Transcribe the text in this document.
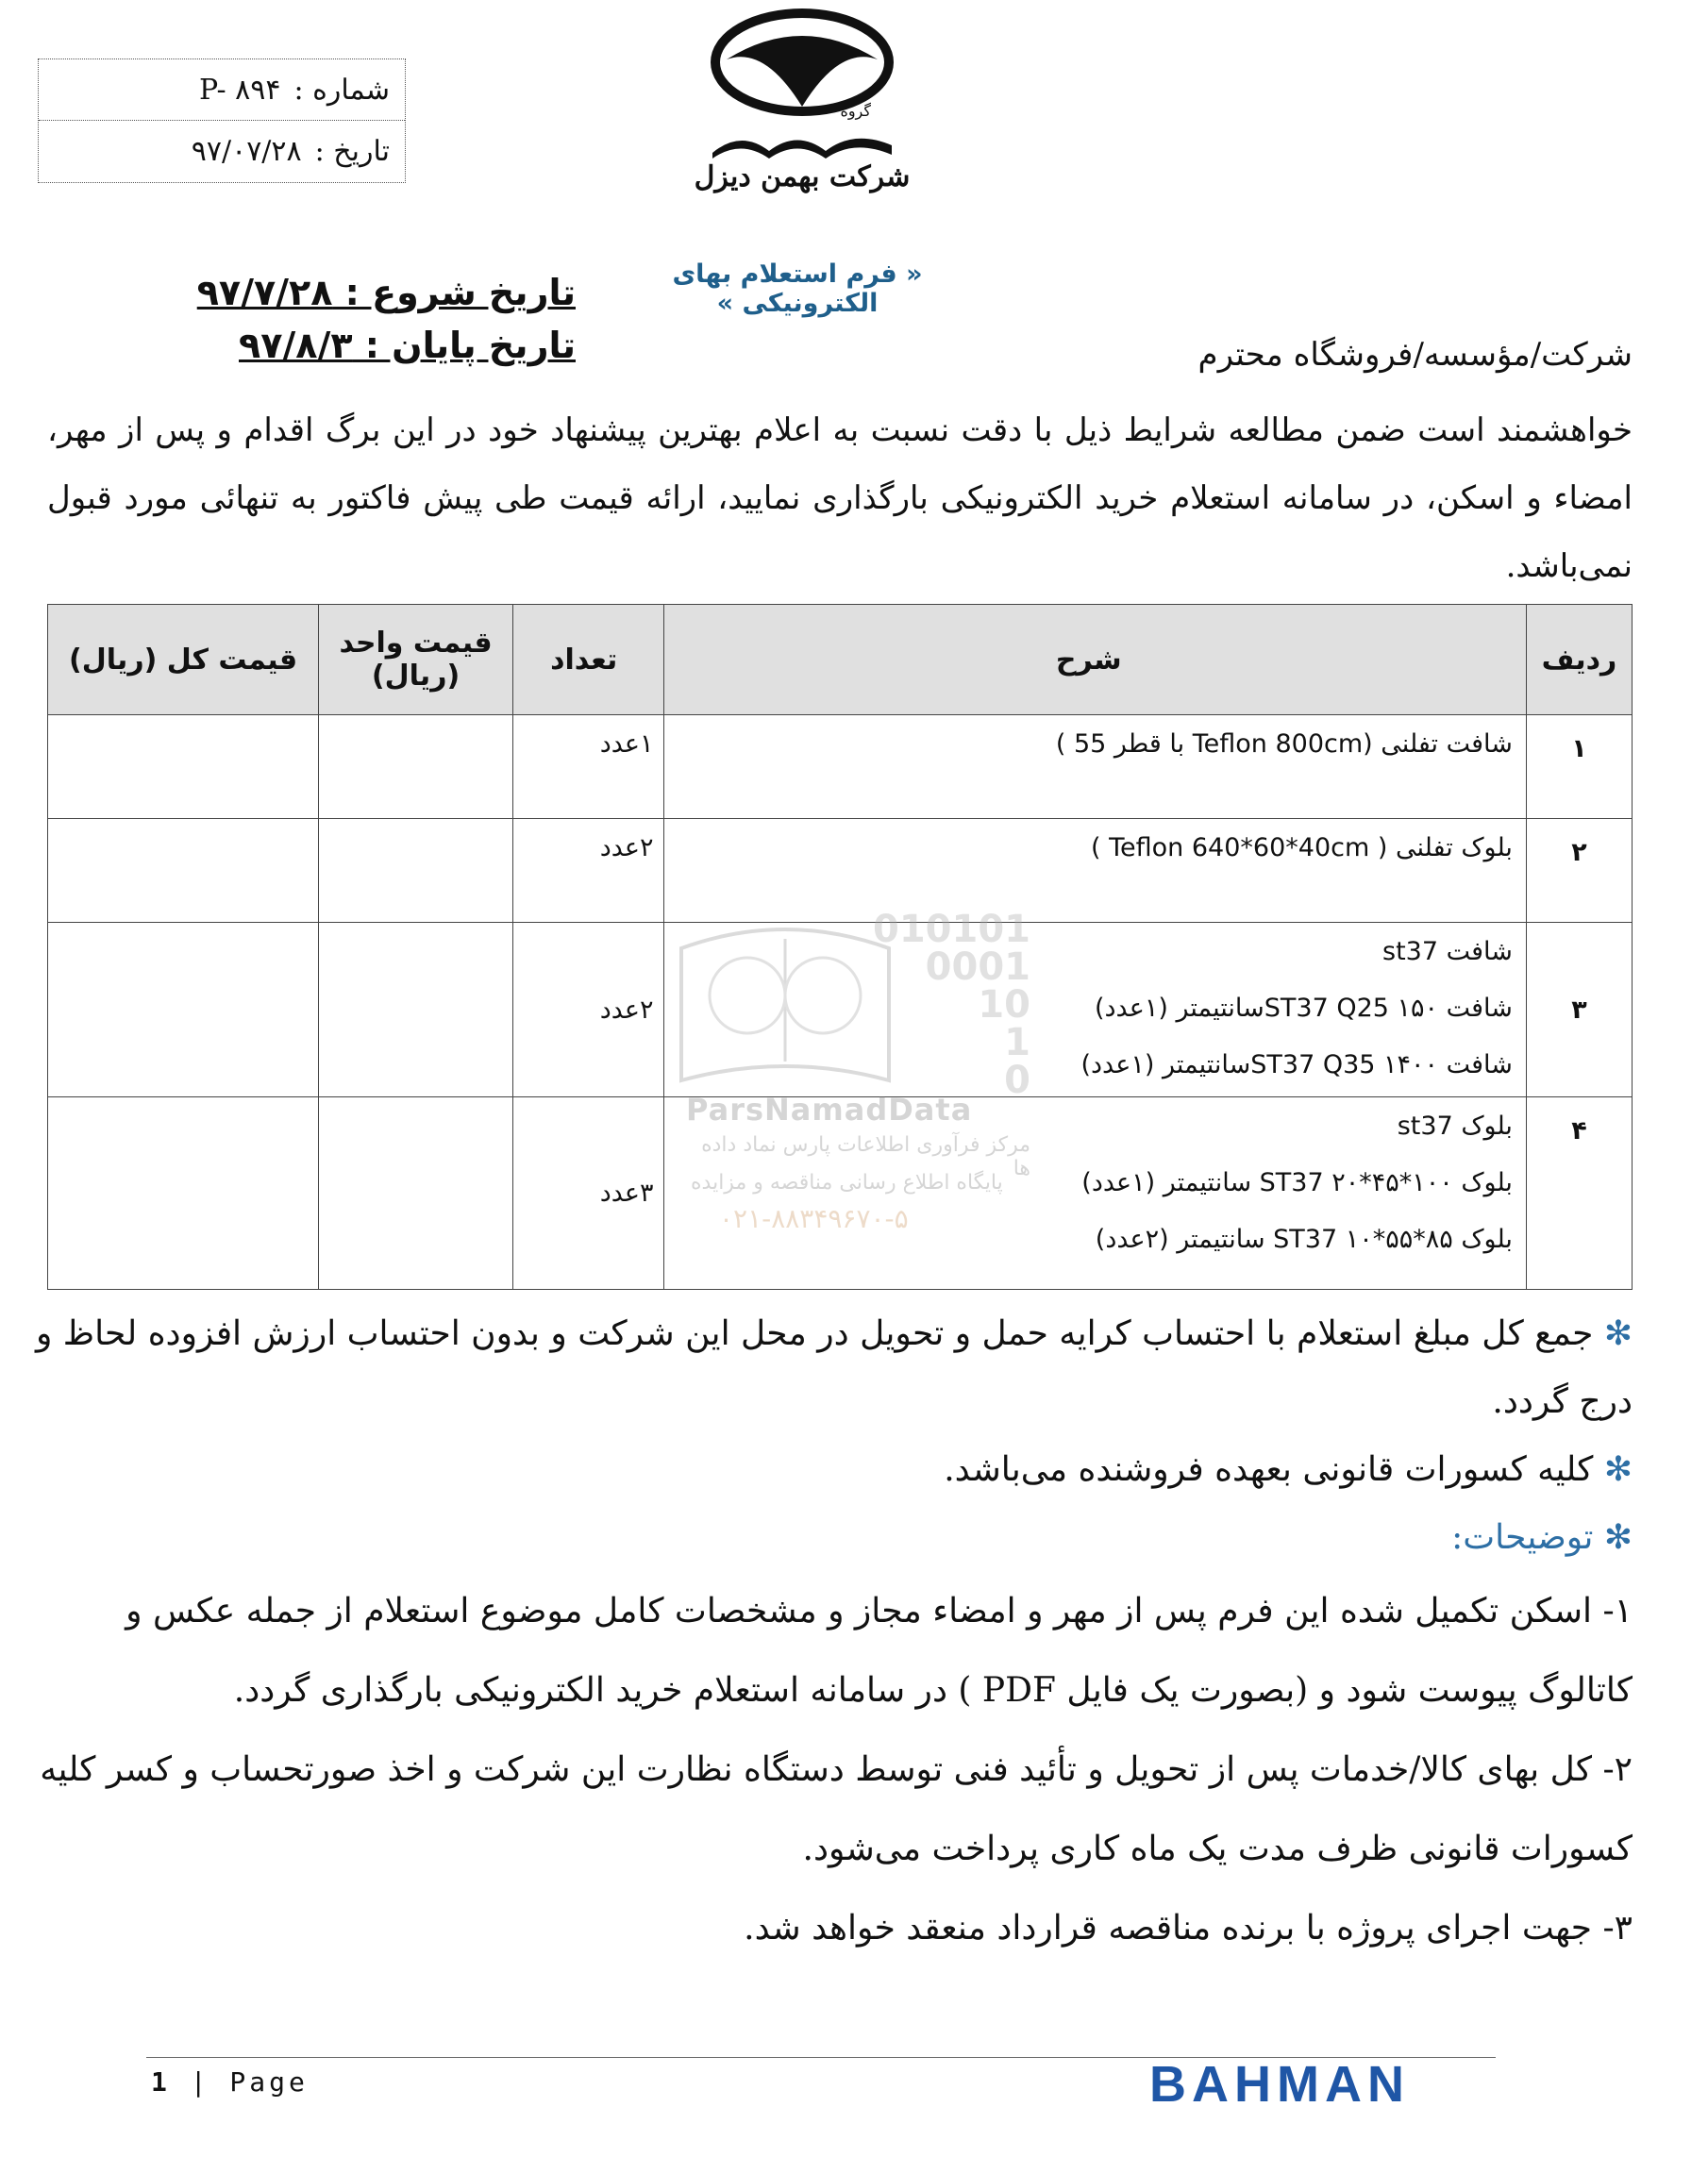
شماره :
P- ۸۹۴
تاریخ :
۹۷/۰۷/۲۸

گروه
شرکت بهمن دیزل
« فرم استعلام بهای الکترونیکی »
تاریخ شروع : ۹۷/۷/۲۸
تاریخ پایان : ۹۷/۸/۳	شرکت/مؤسسه/فروشگاه محترم
خواهشمند است ضمن مطالعه شرایط ذیل با دقت نسبت به اعلام بهترین پیشنهاد خود در این برگ اقدام و پس از مهر، امضاء و اسکن، در سامانه استعلام خرید الکترونیکی بارگذاری نمایید، ارائه قیمت طی پیش فاکتور به تنهائی مورد قبول نمی‌باشد.
ردیف	شرح	تعداد	قیمت واحد (ریال)	قیمت کل (ریال)
۱	شافت تفلنی (Teflon 800cm با قطر 55 )	۱عدد		

۲	بلوک تفلنی ( Teflon 640*60*40cm )	۲عدد		

۳	شافت st37
شافت ST37 Q25 ۱۵۰سانتیمتر (۱عدد)
شافت ST37 Q35 ۱۴۰۰سانتیمتر (۱عدد)	۲عدد		

۴	بلوک st37
بلوک ST37 ۲۰*۴۵*۱۰۰ سانتیمتر (۱عدد)
بلوک ST37 ۱۰*۵۵*۸۵ سانتیمتر (۲عدد)	۳عدد		

010101
0001
10
1
0
ParsNamadData
مرکز فرآوری اطلاعات پارس نماد داده ها
پایگاه اطلاع رسانی مناقصه و مزایده
۰۲۱-۸۸۳۴۹۶۷۰-۵

✻ جمع کل مبلغ استعلام با احتساب کرایه حمل و تحویل در محل این شرکت و بدون احتساب ارزش افزوده لحاظ و درج گردد.

✻ کلیه کسورات قانونی بعهده فروشنده می‌باشد.

✻ توضیحات:

۱- اسکن تکمیل شده این فرم پس از مهر و امضاء مجاز و مشخصات کامل موضوع استعلام از جمله عکس و کاتالوگ پیوست شود و (بصورت یک فایل PDF ) در سامانه استعلام خرید الکترونیکی بارگذاری گردد.

۲- کل بهای کالا/خدمات پس از تحویل و تأئید فنی توسط دستگاه نظارت این شرکت و اخذ صورتحساب و کسر کلیه کسورات قانونی ظرف مدت یک ماه کاری پرداخت می‌شود.

۳- جهت اجرای پروژه با برنده مناقصه قرارداد منعقد خواهد شد.

1 | Page	BAHMAN
